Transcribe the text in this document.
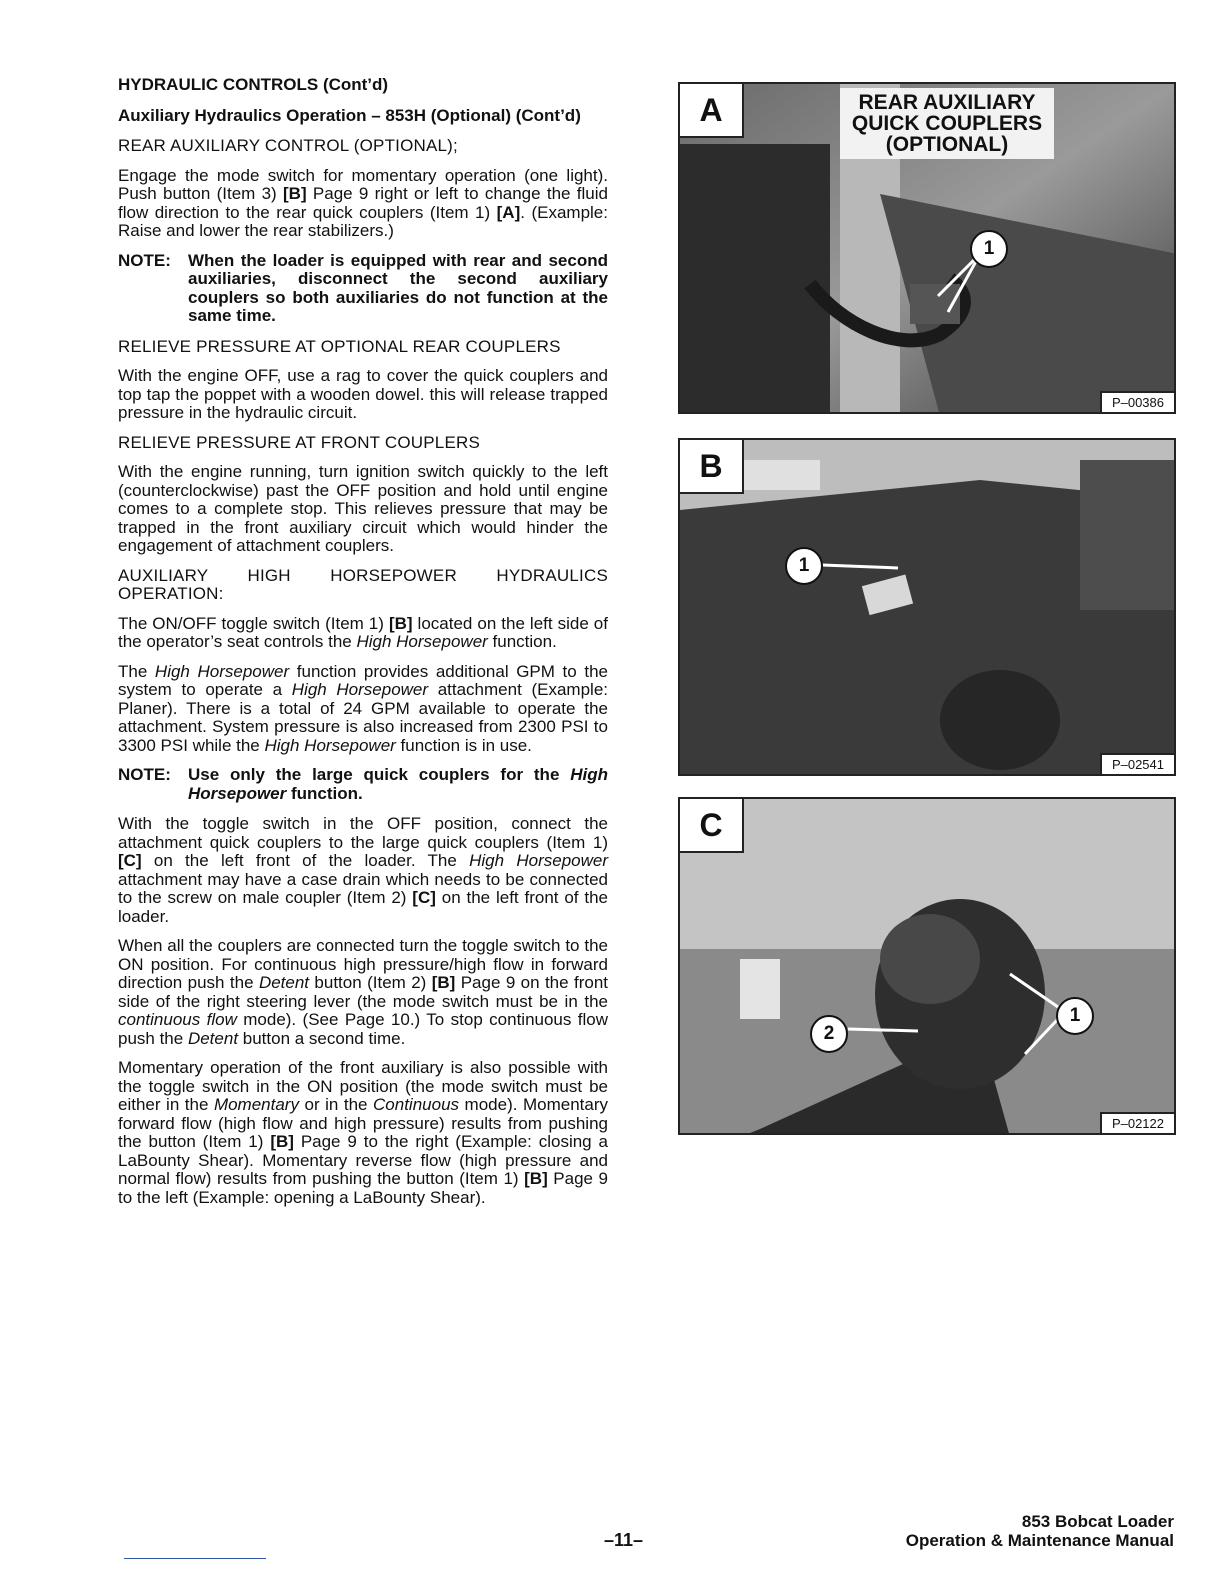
HYDRAULIC CONTROLS (Cont’d)
Auxiliary Hydraulics Operation – 853H (Optional) (Cont’d)

REAR AUXILIARY CONTROL (OPTIONAL);

Engage the mode switch for momentary operation (one light). Push button (Item 3) [B] Page 9 right or left to change the fluid flow direction to the rear quick couplers (Item 1) [A]. (Example: Raise and lower the rear stabilizers.)

NOTE:	When the loader is equipped with rear and second auxiliaries, disconnect the second auxiliary couplers so both auxiliaries do not function at the same time.

RELIEVE PRESSURE AT OPTIONAL REAR COUPLERS

With the engine OFF, use a rag to cover the quick couplers and top tap the poppet with a wooden dowel. this will release trapped pressure in the hydraulic circuit.

RELIEVE PRESSURE AT FRONT COUPLERS

With the engine running, turn ignition switch quickly to the left (counterclockwise) past the OFF position and hold until engine comes to a complete stop. This relieves pressure that may be trapped in the front auxiliary circuit which would hinder the engagement of attachment couplers.

AUXILIARY HIGH HORSEPOWER HYDRAULICS OPERATION:

The ON/OFF toggle switch (Item 1) [B] located on the left side of the operator’s seat controls the High Horsepower function.

The High Horsepower function provides additional GPM to the system to operate a High Horsepower attachment (Example: Planer). There is a total of 24 GPM available to operate the attachment. System pressure is also increased from 2300 PSI to 3300 PSI while the High Horsepower function is in use.

NOTE:	Use only the large quick couplers for the High Horsepower function.

With the toggle switch in the OFF position, connect the attachment quick couplers to the large quick couplers (Item 1) [C] on the left front of the loader. The High Horsepower attachment may have a case drain which needs to be connected to the screw on male coupler (Item 2) [C] on the left front of the loader.

When all the couplers are connected turn the toggle switch to the ON position. For continuous high pressure/high flow in forward direction push the Detent button (Item 2) [B] Page 9 on the front side of the right steering lever (the mode switch must be in the continuous flow mode). (See Page 10.) To stop continuous flow push the Detent button a second time.

Momentary operation of the front auxiliary is also possible with the toggle switch in the ON position (the mode switch must be either in the Momentary or in the Continuous mode). Momentary forward flow (high flow and high pressure) results from pushing the button (Item 1) [B] Page 9 to the right (Example: closing a LaBounty Shear). Momentary reverse flow (high pressure and normal flow) results from pushing the button (Item 1) [B] Page 9 to the left (Example: opening a LaBounty Shear).

A	REAR AUXILIARY
QUICK COUPLERS
(OPTIONAL)
1
P–00386
B
1
P–02541
C
1
2
P–02122
–11–
853 Bobcat Loader
Operation & Maintenance Manual
